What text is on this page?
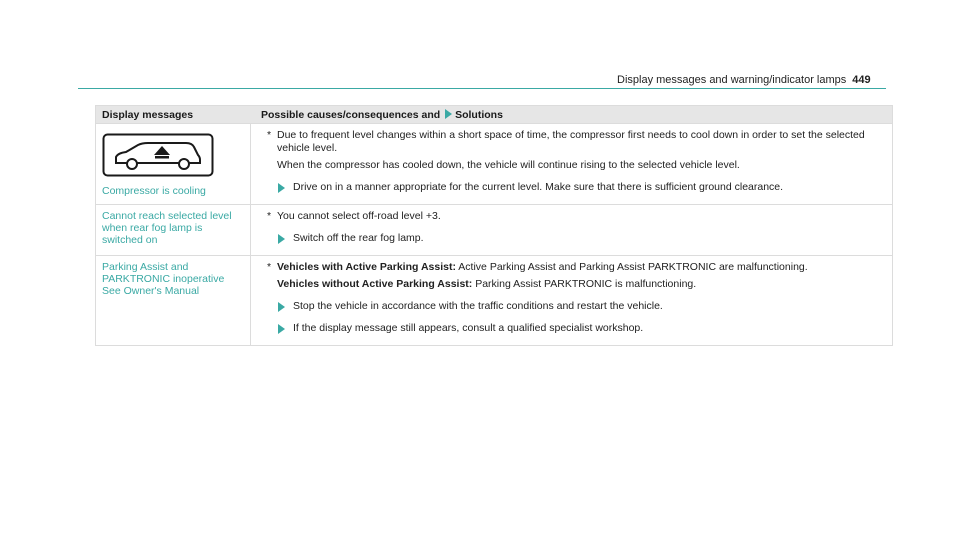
Display messages and warning/indicator lamps 449
Display messages	Possible causes/consequences and Solutions
Compressor is cooling
* Due to frequent level changes within a short space of time, the compressor first needs to cool down in order to set the selected vehicle level.
When the compressor has cooled down, the vehicle will continue rising to the selected vehicle level.
Drive on in a manner appropriate for the current level. Make sure that there is sufficient ground clearance.
Cannot reach selected level when rear fog lamp is switched on
* You cannot select off-road level +3.
Switch off the rear fog lamp.
Parking Assist and
PARKTRONIC inoperative
See Owner's Manual
* Vehicles with Active Parking Assist: Active Parking Assist and Parking Assist PARKTRONIC are malfunctioning.
Vehicles without Active Parking Assist: Parking Assist PARKTRONIC is malfunctioning.
Stop the vehicle in accordance with the traffic conditions and restart the vehicle.
If the display message still appears, consult a qualified specialist workshop.
